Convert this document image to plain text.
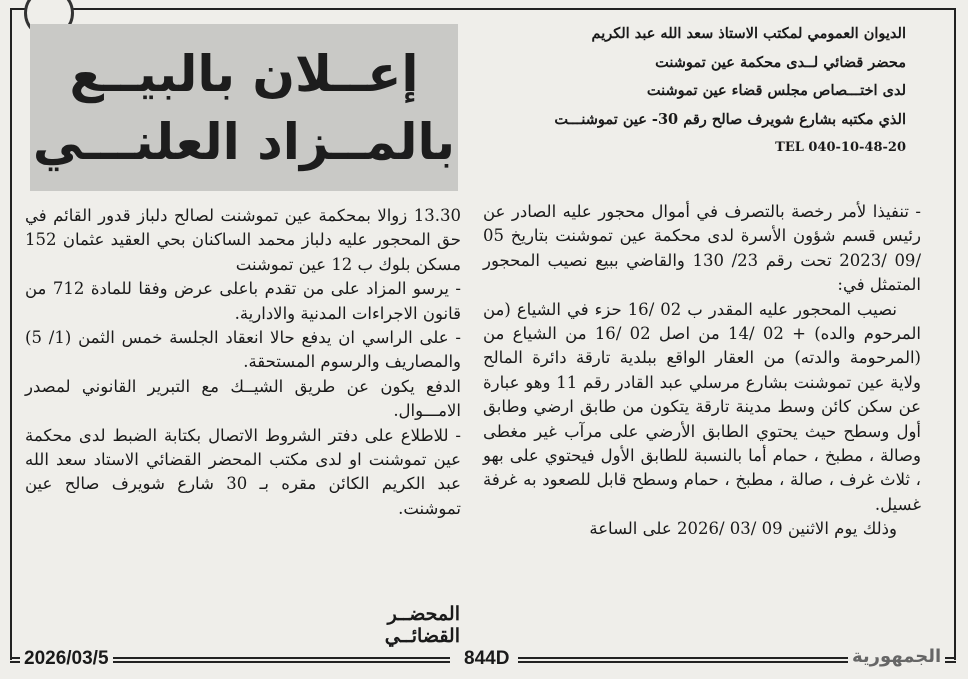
الديوان العمومي لمكتب الاستاذ سعد الله عبد الكريم
محضر قضائي لــدى محكمة عين تموشنت
لدى اختـــصاص مجلس قضاء عين تموشنت
الذي مكتبه بشارع شويرف صالح رقم 30- عين تموشنـــت
TEL 040-10-48-20
إعــلان بالبيــع
بالمــزاد العلنـــي

- تنفيذا لأمر رخصة بالتصرف في أموال محجور عليه الصادر عن رئيس قسم شؤون الأسرة لدى محكمة عين تموشنت بتاريخ 05 /09 /2023 تحت رقم 23/ 130 والقاضي ببيع نصيب المحجور المتمثل في:

نصيب المحجور عليه المقدر ب 02 /16 حزء في الشياع (من المرحوم والده) + 02 /14 من اصل 02 /16 من الشياع من (المرحومة والدته) من العقار الواقع ببلدية تارقة دائرة المالح ولاية عين تموشنت بشارع مرسلي عبد القادر رقم 11 وهو عبارة عن سكن كائن وسط مدينة تارقة يتكون من طابق ارضي وطابق أول وسطح حيث يحتوي الطابق الأرضي على مرآب غير مغطى وصالة ، مطبخ ، حمام أما بالنسبة للطابق الأول فيحتوي على بهو ، ثلاث غرف ، صالة ، مطبخ ، حمام وسطح قابل للصعود به غرفة غسيل.

وذلك يوم الاثنين 09 /03 /2026 على الساعة

13.30 زوالا بمحكمة عين تموشنت لصالح دلباز قدور القائم في حق المحجور عليه دلباز محمد الساكنان بحي العقيد عثمان 152 مسكن بلوك ب 12 عين تموشنت

- يرسو المزاد على من تقدم باعلى عرض وفقا للمادة 712 من قانون الاجراءات المدنية والادارية.

- على الراسي ان يدفع حالا انعقاد الجلسة خمس الثمن (1/ 5) والمصاريف والرسوم المستحقة.

الدفع يكون عن طريق الشيــك مع التبرير القانوني لمصدر الامـــوال.

- للاطلاع على دفتر الشروط الاتصال بكتابة الضبط لدى محكمة عين تموشنت او لدى مكتب المحضر القضائي الاستاد سعد الله عبد الكريم الكائن مقره بـ 30 شارع شويرف صالح عين تموشنت.

المحضــر القضائــي
2026/03/5	844D	الجمهورية
